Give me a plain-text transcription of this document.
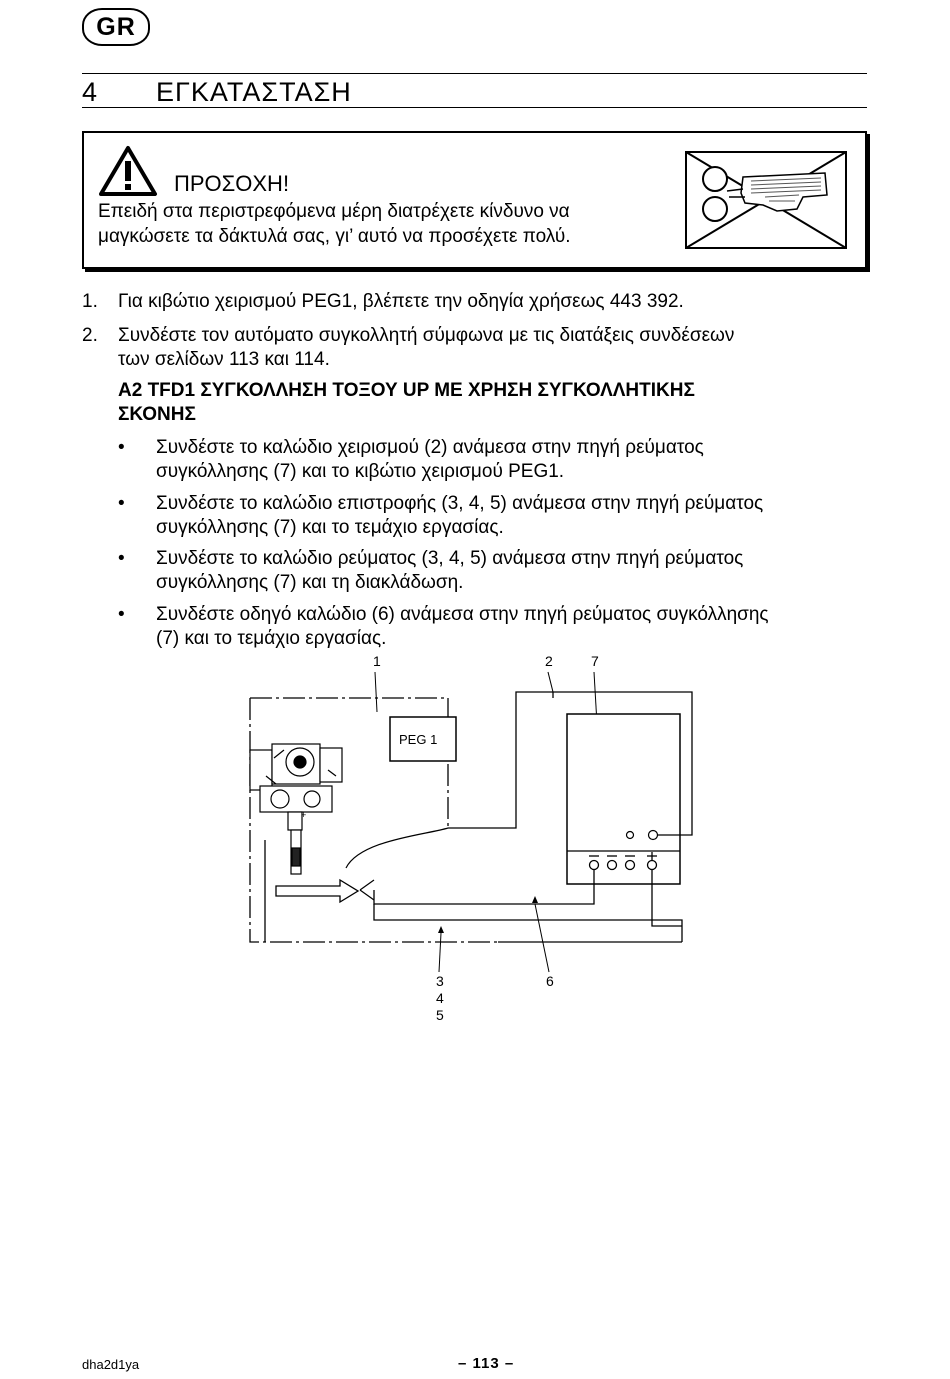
GR
4 ΕΓΚΑΤΑΣΤΑΣΗ
ΠΡΟΣΟΧΗ!
Επειδή στα περιστρεφόμενα μέρη διατρέχετε κίνδυνο να
μαγκώσετε τα δάκτυλά σας, γι’ αυτό να προσέχετε πολύ.
1. Για κιβώτιο χειρισμού PEG1, βλέπετε την οδηγία χρήσεως 443 392.
2. Συνδέστε τον αυτόματο συγκολλητή σύμφωνα με τις διατάξεις συνδέσεων
των σελίδων 113 και 114.
A2 TFD1 ΣΥΓΚΟΛΛΗΣΗ ΤΟΞΟΥ UP ΜΕ ΧΡΗΣΗ ΣΥΓΚΟΛΛΗΤΙΚΗΣ
ΣΚΟΝΗΣ
• Συνδέστε το καλώδιο χειρισμού (2) ανάμεσα στην πηγή ρεύματος
συγκόλλησης (7) και το κιβώτιο χειρισμού PEG1.
• Συνδέστε το καλώδιο επιστροφής (3, 4, 5) ανάμεσα στην πηγή ρεύματος
συγκόλλησης (7) και το τεμάχιο εργασίας.
• Συνδέστε το καλώδιο ρεύματος (3, 4, 5) ανάμεσα στην πηγή ρεύματος
συγκόλλησης (7) και τη διακλάδωση.
• Συνδέστε οδηγό καλώδιο (6) ανάμεσα στην πηγή ρεύματος συγκόλλησης
(7) και το τεμάχιο εργασίας.
1	2	7
3
4
5
6
PEG 1
+
dha2d1ya	– 113 –
